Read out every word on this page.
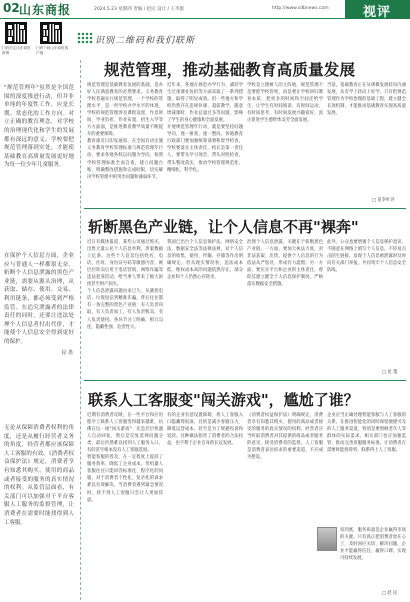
02 山东商报	2024.5.23 星期四 责编 / 赵民 设计 / 王李群	http://www.sdbnews.com	视评
扫码关注山东商报微博
扫码下载山东商报客户端
识别二维码和我们联斯
"规范管理年"虽然是全国范围的深度推进行动，但并非单纯的年度性工作，应是长期、常态化的工作方向。对立正确的教育理念，对学校的治理现代化和学生的发展都有深远的意义。学校要把规范管理落到实处，才能使基础教育高质量发展更好地为每一位少年儿童服务。
在保护个人信息方面，企业应与普通人一样都很无奈。斩断个人信息泄露的黑色产业链，需要从源头治理，从获取、储存、使用、交易、利用链条，都必须受到严格监管。在追究泄露者的法律责任的同时，还要让违法处理个人信息者付出代价，才能使个人信息安全得到更好的保护。
昆 墨
无论从保障消费者权利的角度，还是从履行经营者义务的角度，经营者都应该保障人工客服的有效。《消费者权益保护法》规定，消费者享有知悉其购买、使用的商品或者接受的服务的真实情况的权利。从监管层面看，有关部门可以加强对于平台客服人工服务的监督管理，让消费者在需要时能找得到人工客服。
规范管理，推动基础教育高质量发展

规范管理是基础教育发展的基础，是办好人民满意教育的必然要求。义务教育学校普遍实行规范管理，一个学校的管理水平，是一所学校办学水平的体现，学校的规范管理涉及课程设置、作息时间、学业负担、作业布置、招生入学等方方面面，是推进教育教学质量不断提升的重要保障。

教育部近日印发通知，在全国启动实施义务教育学校管理标准与规范管理年行动，要求各地各校以问题为导向，按照学校管理标准全面自查，建立问题台账，明确整改措施和完成时限，切实解决学校管理中的突出问题和薄弱环节。

近年来，各地在规范办学行为、减轻学生过重课业负担等方面采取了一系列措施，取得了明显成效。但一些地方和学校仍然存在违规补课、超前教学、随意增减课时、作业总量过多等问题，影响了学生的身心健康和全面发展。

开展规范管理年行动，就是要坚持问题导向，逐一排查、逐一整改。各地教育行政部门要加强统筹部署和督导检查，学校要落实主体责任，校长是第一责任人，要带头学习领会，带头对照检查，带头整改落实，推动学校管理规范化、精细化、科学化。

学校是立德树人的主阵地，规范管理不是要把学校管死，而是要让学校回归教育本质，把更多的时间和空间还给学生，让学生有时间阅读、有时间运动、有时间思考、有时间发展兴趣爱好，真正促进学生德智体美劳全面发展。

当前，基础教育正在从规模发展转向内涵发展，从有学上转向上好学。只有把规范管理作为学校治理的基础工程，建立健全长效机制，才能推动基础教育实现高质量发展。

□ 苗李叶评
斩断黑色产业链，让个人信息不再"裸奔"

近日有媒体报道，某些公司通过购买、出售大量公民个人信息牟利，涉案数据上亿条。这些个人信息包括姓名、电话、住址、身份证号码等敏感内容，被层层转卖后用于电话营销、网络诈骗等违法犯罪活动，给当事人带来了极大困扰甚至财产损失。

个人信息泄露问题由来已久。从骚扰电话、垃圾短信到精准诈骗，背后往往都有一条完整的黑色产业链：有人负责窃取，有人负责加工，有人负责贩卖，有人负责使用。各环节分工明确、相互勾连，隐蔽性强、危害性大。

我国已出台个人信息保护法、网络安全法、数据安全法等法律法规，对个人信息的收集、使用、传输、存储等作出明确规定。但从现实情况看，违法成本低、维权成本高的问题依然存在，部分企业和个人仍然心存侥幸。

治理个人信息泄露，关键在于斩断黑色产业链。一方面，要加大执法力度，对非法获取、出售、提供个人信息的行为依法从严惩处，形成有力震慑；另一方面，要压实平台和企业的主体责任，督促其建立健全个人信息保护制度，严格落实数据安全措施。

此外，公众也要增强个人信息保护意识，不随意在网络上填写个人信息，不轻易点击陌生链接，发现个人信息被泄露时及时向有关部门举报，共同筑牢个人信息安全防线。

□ 昆 墨
联系人工客服变"闯关游戏"，尴尬了谁？

近期有消费者反映，在一些平台和应用程序上联系人工客服变得越来越难，仿佛在玩一场"闯关游戏"：先是层层机器人自动回复，然后是反复选择问题分类，最后仍然难以找到人工服务入口，有的甚至根本没有人工客服选项。

智能客服的普及，在一定程度上提高了服务效率、降低了企业成本，但机器人客服往往只能回答标准化、程序化的问题，对于消费者个性化、复杂化的诉求难以有效解决。当消费者遇到紧急情况时，找不到人工客服只会让人更加焦虑。

有的企业有意设置障碍，将人工客服入口隐藏得很深，目的是减少客服压力、降低运营成本，甚至是为了规避投诉和退款。这种做法损害了消费者的合法权益，也不利于企业自身的长远发展。

《消费者权益保护法》明确规定，消费者享有知悉其购买、使用的商品或者接受的服务的真实情况的权利，经营者应当听取消费者对其提供的商品或者服务的意见，接受消费者的监督。人工客服是消费者表达诉求的重要渠道，不应成为摆设。

企业应当正确处理智能客服与人工客服的关系，在推进智能化的同时保留便捷可及的人工服务渠道，特别是要照顾老年人等群体的实际需求。相关部门也应加强监管，推动完善客服服务标准，让消费者在需要时能找得到、联系得上人工客服。

说到底，服务质量是企业赢得市场的关键。只有真正把消费者放在心上，及时回应关切、解决问题，企业才能赢得信任、赢得口碑，实现可持续发展。

□ 赵 民
